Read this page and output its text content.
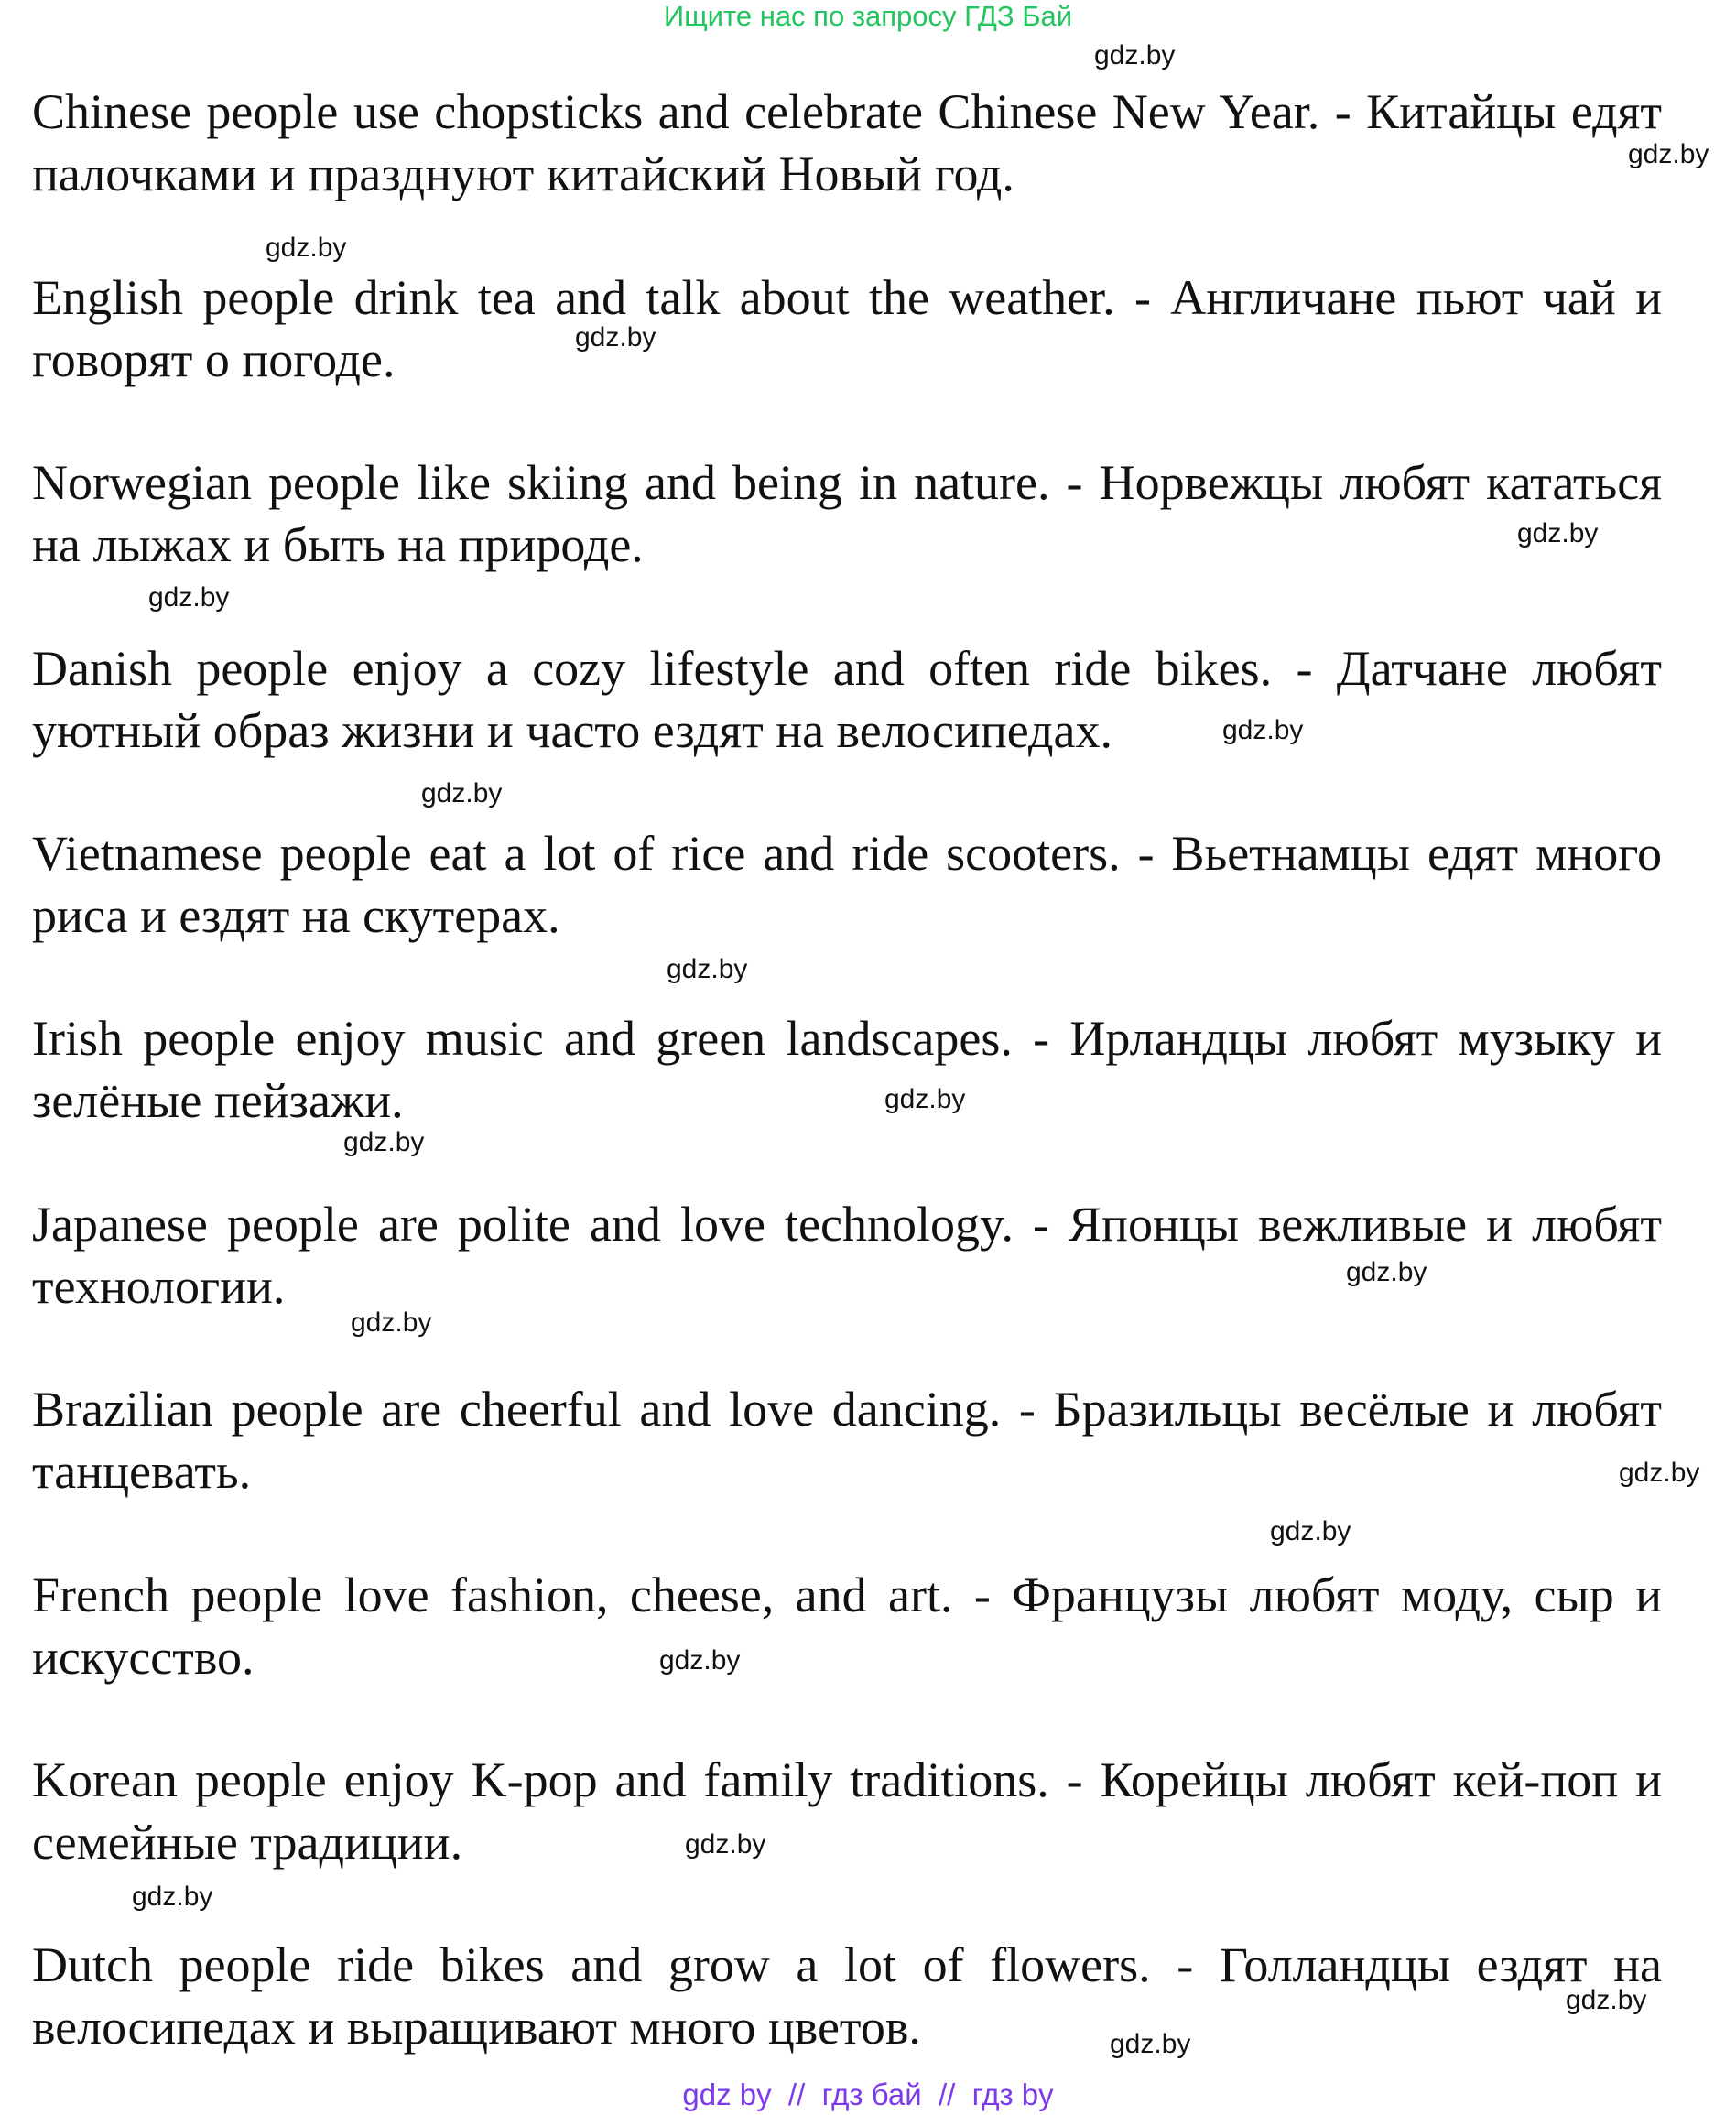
Ищите нас по запросу ГДЗ Бай

Chinese people use chopsticks and celebrate Chinese New Year. - Китайцы едят палочками и празднуют китайский Новый год.

English people drink tea and talk about the weather. - Англичане пьют чай и говорят о погоде.

Norwegian people like skiing and being in nature. - Норвежцы любят кататься на лыжах и быть на природе.

Danish people enjoy a cozy lifestyle and often ride bikes. - Датчане любят уютный образ жизни и часто ездят на велосипедах.

Vietnamese people eat a lot of rice and ride scooters. - Вьетнамцы едят много риса и ездят на скутерах.

Irish people enjoy music and green landscapes. - Ирландцы любят музыку и зелёные пейзажи.

Japanese people are polite and love technology. - Японцы вежливые и любят технологии.

Brazilian people are cheerful and love dancing. - Бразильцы весёлые и любят танцевать.

French people love fashion, cheese, and art. - Французы любят моду, сыр и искусство.

Korean people enjoy K-pop and family traditions. - Корейцы любят кей-поп и семейные традиции.

Dutch people ride bikes and grow a lot of flowers. - Голландцы ездят на велосипедах и выращивают много цветов.

gdz.by
gdz.by
gdz.by
gdz.by
gdz.by
gdz.by
gdz.by
gdz.by
gdz.by
gdz.by
gdz.by
gdz.by
gdz.by
gdz.by
gdz.by
gdz.by
gdz.by
gdz.by
gdz.by
gdz.by
gdz by  //  гдз бай  //  гдз by
